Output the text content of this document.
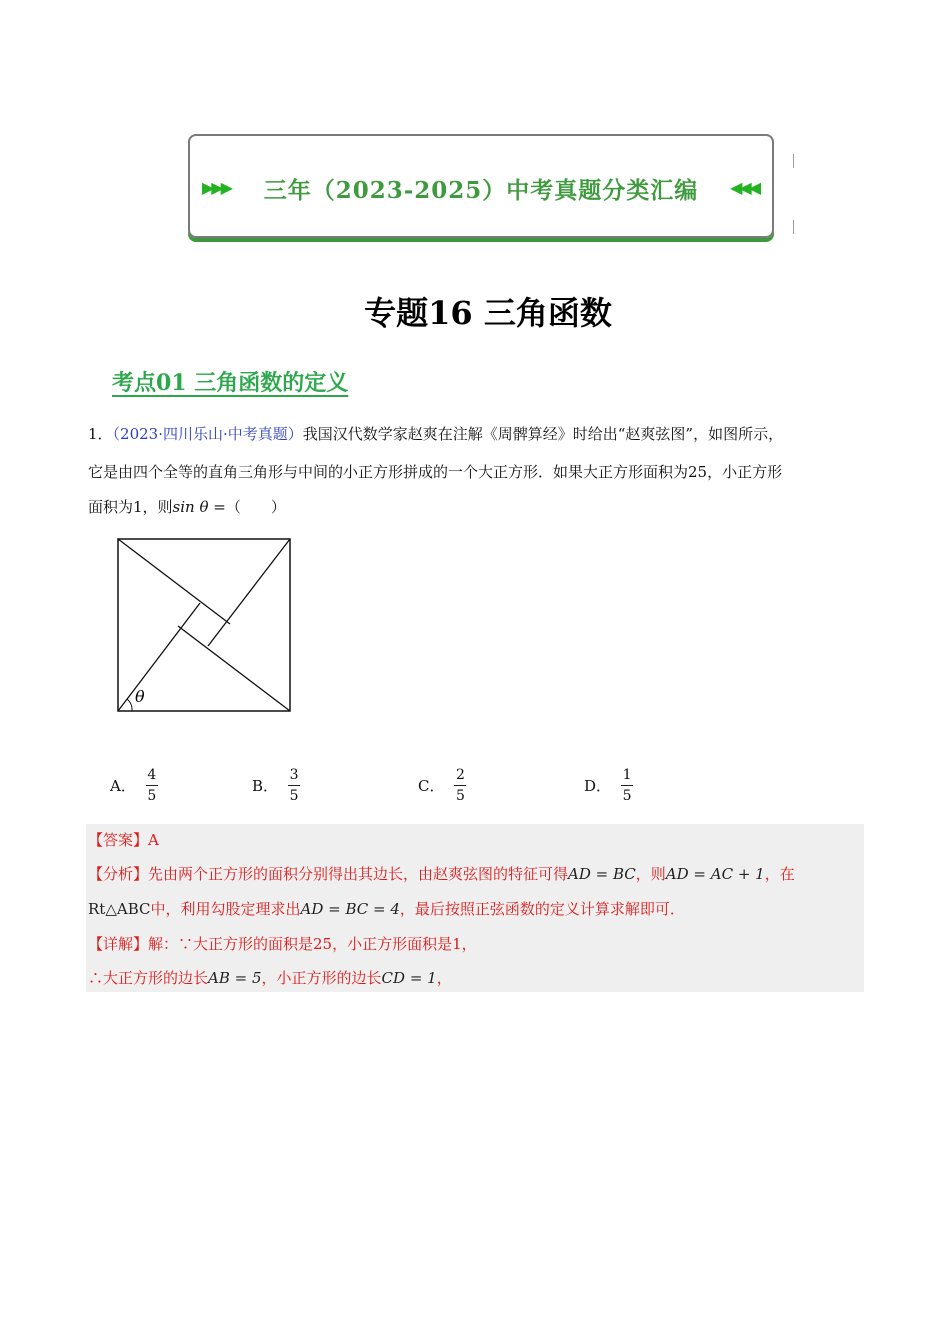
▶▶▶	三年（2023-2025）中考真题分类汇编	◀◀◀
专题16 三角函数
考点01 三角函数的定义
1．（2023·四川乐山·中考真题）我国汉代数学家赵爽在注解《周髀算经》时给出“赵爽弦图”，如图所示，
它是由四个全等的直角三角形与中间的小正方形拼成的一个大正方形．如果大正方形面积为25，小正方形
面积为1，则sin θ =（　　）
θ
A． $\frac{4}{5}$	B． $\frac{3}{5}$	C． $\frac{2}{5}$	D． $\frac{1}{5}$
【答案】A
【分析】先由两个正方形的面积分别得出其边长，由赵爽弦图的特征可得AD = BC，则AD = AC + 1，在
Rt△ABC中，利用勾股定理求出AD = BC = 4，最后按照正弦函数的定义计算求解即可．
【详解】解：∵大正方形的面积是25，小正方形面积是1，
∴大正方形的边长AB = 5，小正方形的边长CD = 1，
